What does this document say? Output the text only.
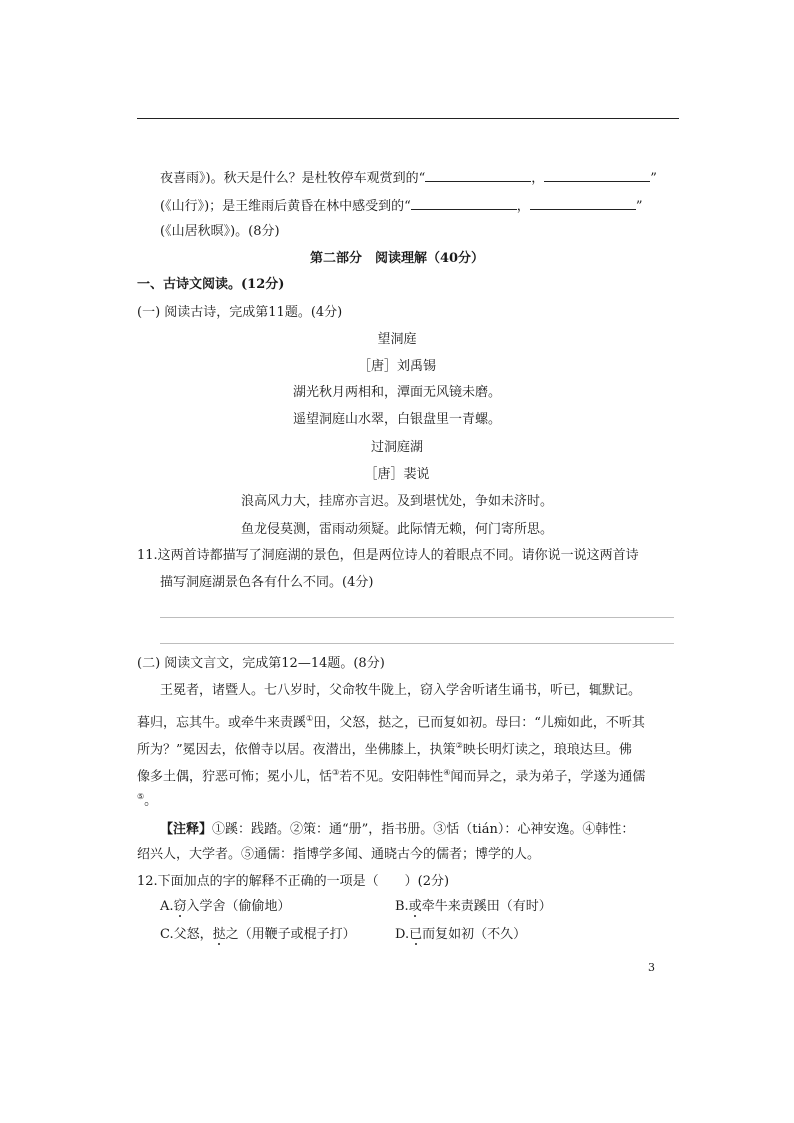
夜喜雨》)。秋天是什么？是杜牧停车观赏到的“	，	”
(《山行》)；是王维雨后黄昏在林中感受到的“	，	”
(《山居秋暝》)。(8分)
第二部分　阅读理解（40分）
一、古诗文阅读。(12分)
(一) 阅读古诗，完成第11题。(4分)
望洞庭
［唐］刘禹锡
湖光秋月两相和，潭面无风镜未磨。
遥望洞庭山水翠，白银盘里一青螺。
过洞庭湖
［唐］裴说
浪高风力大，挂席亦言迟。及到堪忧处，争如未济时。
鱼龙侵莫测，雷雨动须疑。此际情无赖，何门寄所思。
11.这两首诗都描写了洞庭湖的景色，但是两位诗人的着眼点不同。请你说一说这两首诗
描写洞庭湖景色各有什么不同。(4分)
(二) 阅读文言文，完成第12—14题。(8分)
王冕者，诸暨人。七八岁时，父命牧牛陇上，窃入学舍听诸生诵书，听已，辄默记。
暮归，忘其牛。或牵牛来责蹊①田，父怒，挞之，已而复如初。母曰：“儿痴如此，不听其
所为？”冕因去，依僧寺以居。夜潜出，坐佛膝上，执策②映长明灯读之，琅琅达旦。佛
像多土偶，狞恶可怖；冕小儿，恬③若不见。安阳韩性④闻而异之，录为弟子，学遂为通儒
⑤。
【注释】①蹊：践踏。②策：通“册”，指书册。③恬（tián）：心神安逸。④韩性：
绍兴人，大学者。⑤通儒：指博学多闻、通晓古今的儒者；博学的人。
12.下面加点的字的解释不正确的一项是（　　）(2分)
A.窃入学舍（偷偷地）	B.或牵牛来责蹊田（有时）
C.父怒，挞之（用鞭子或棍子打）	D.已而复如初（不久）
3
